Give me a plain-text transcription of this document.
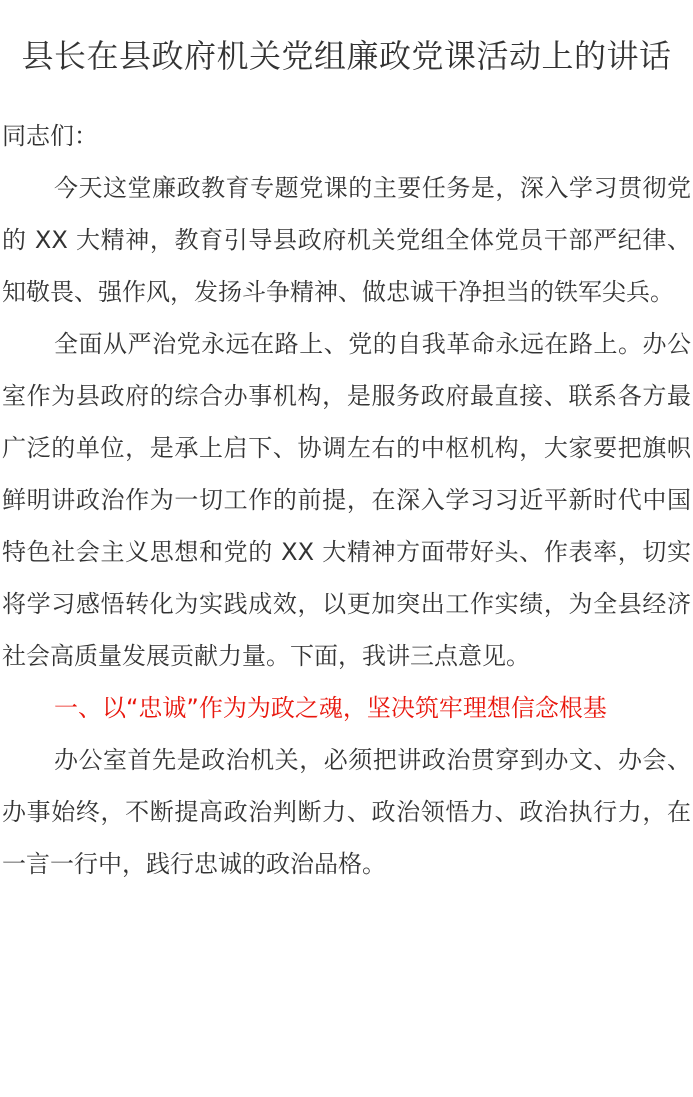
县长在县政府机关党组廉政党课活动上的讲话

同志们：

今天这堂廉政教育专题党课的主要任务是，深入学习贯彻党的 XX 大精神，教育引导县政府机关党组全体党员干部严纪律、知敬畏、强作风，发扬斗争精神、做忠诚干净担当的铁军尖兵。

全面从严治党永远在路上、党的自我革命永远在路上。办公室作为县政府的综合办事机构，是服务政府最直接、联系各方最广泛的单位，是承上启下、协调左右的中枢机构，大家要把旗帜鲜明讲政治作为一切工作的前提，在深入学习习近平新时代中国特色社会主义思想和党的 XX 大精神方面带好头、作表率，切实将学习感悟转化为实践成效，以更加突出工作实绩，为全县经济社会高质量发展贡献力量。下面，我讲三点意见。

一、以“忠诚”作为为政之魂，坚决筑牢理想信念根基

办公室首先是政治机关，必须把讲政治贯穿到办文、办会、办事始终，不断提高政治判断力、政治领悟力、政治执行力，在一言一行中，践行忠诚的政治品格。
